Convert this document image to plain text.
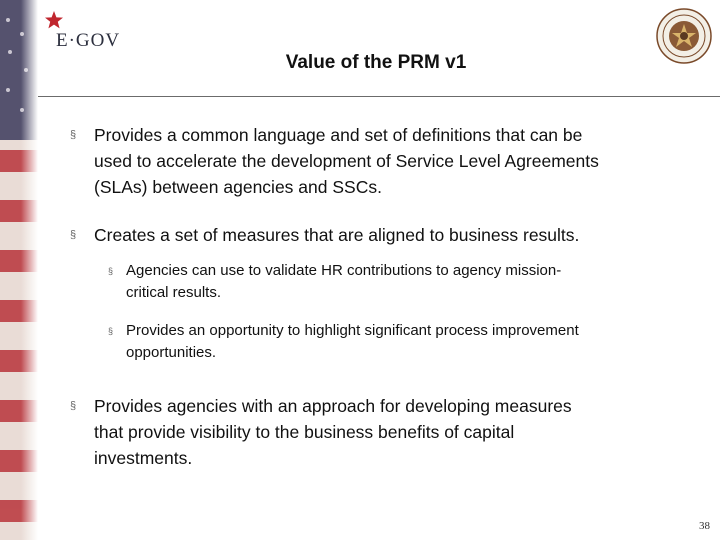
E·GOV
Value of the PRM v1
§ Provides a common language and set of definitions that can be
used to accelerate the development of Service Level Agreements
(SLAs) between agencies and SSCs.
§ Creates a set of measures that are aligned to business results.
§ Agencies can use to validate HR contributions to agency mission-
critical results.
§ Provides an opportunity to highlight significant process improvement
opportunities.
§ Provides agencies with an approach for developing measures
that provide visibility to the business benefits of capital
investments.
38
